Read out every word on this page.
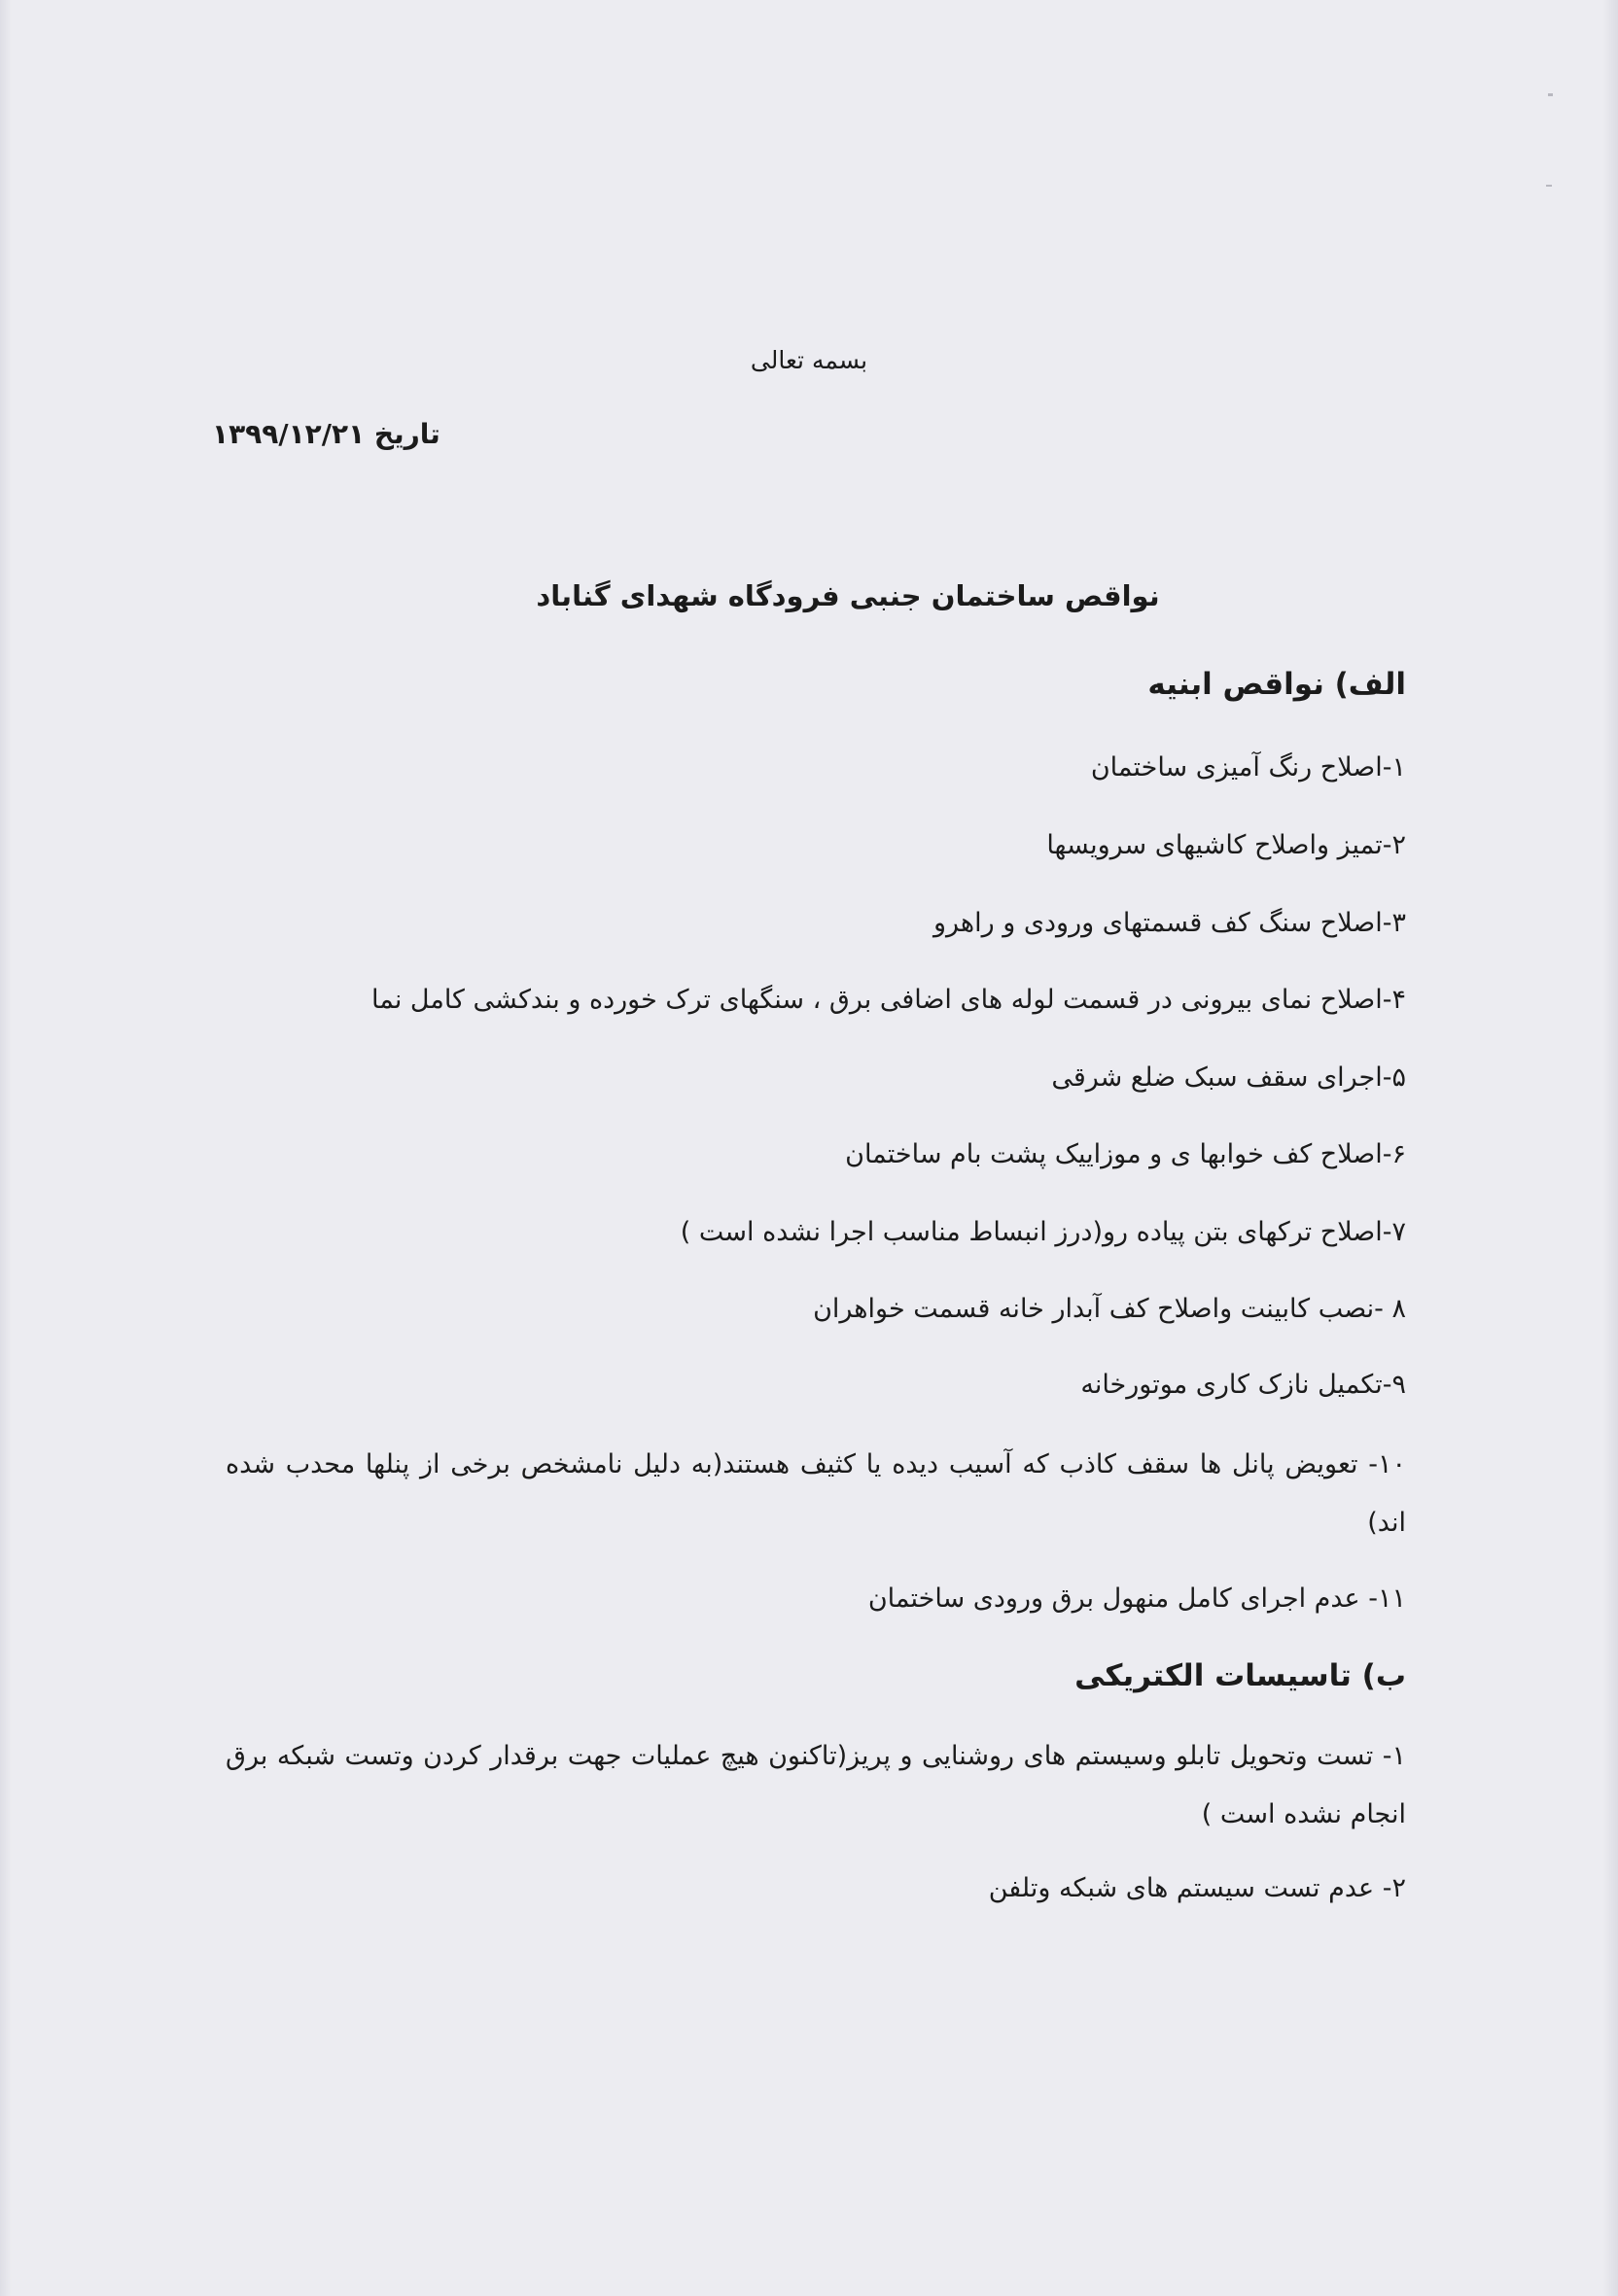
بسمه تعالی
تاریخ ۱۳۹۹/۱۲/۲۱
نواقص ساختمان جنبی فرودگاه شهدای گناباد
الف) نواقص ابنیه
۱-اصلاح رنگ آمیزی ساختمان
۲-تمیز واصلاح کاشیهای سرویسها
۳-اصلاح سنگ کف قسمتهای ورودی و راهرو
۴-اصلاح نمای بیرونی در قسمت لوله های اضافی برق ، سنگهای ترک خورده و بندکشی کامل نما
۵-اجرای سقف سبک ضلع شرقی
۶-اصلاح کف خوابها ی و موزاییک پشت بام ساختمان
۷-اصلاح ترکهای بتن پیاده رو(درز انبساط مناسب اجرا نشده است )
۸ -نصب کابینت واصلاح کف آبدار خانه قسمت خواهران
۹-تکمیل نازک کاری موتورخانه
۱۰- تعویض پانل ها سقف کاذب که آسیب دیده یا کثیف هستند(به دلیل نامشخص برخی از پنلها محدب شده اند)
۱۱- عدم اجرای کامل منهول برق ورودی ساختمان
ب) تاسیسات الکتریکی
۱- تست وتحویل تابلو وسیستم های روشنایی و پریز(تاکنون هیچ عملیات جهت برقدار کردن وتست شبکه برق انجام نشده است )
۲- عدم تست سیستم های شبکه وتلفن
